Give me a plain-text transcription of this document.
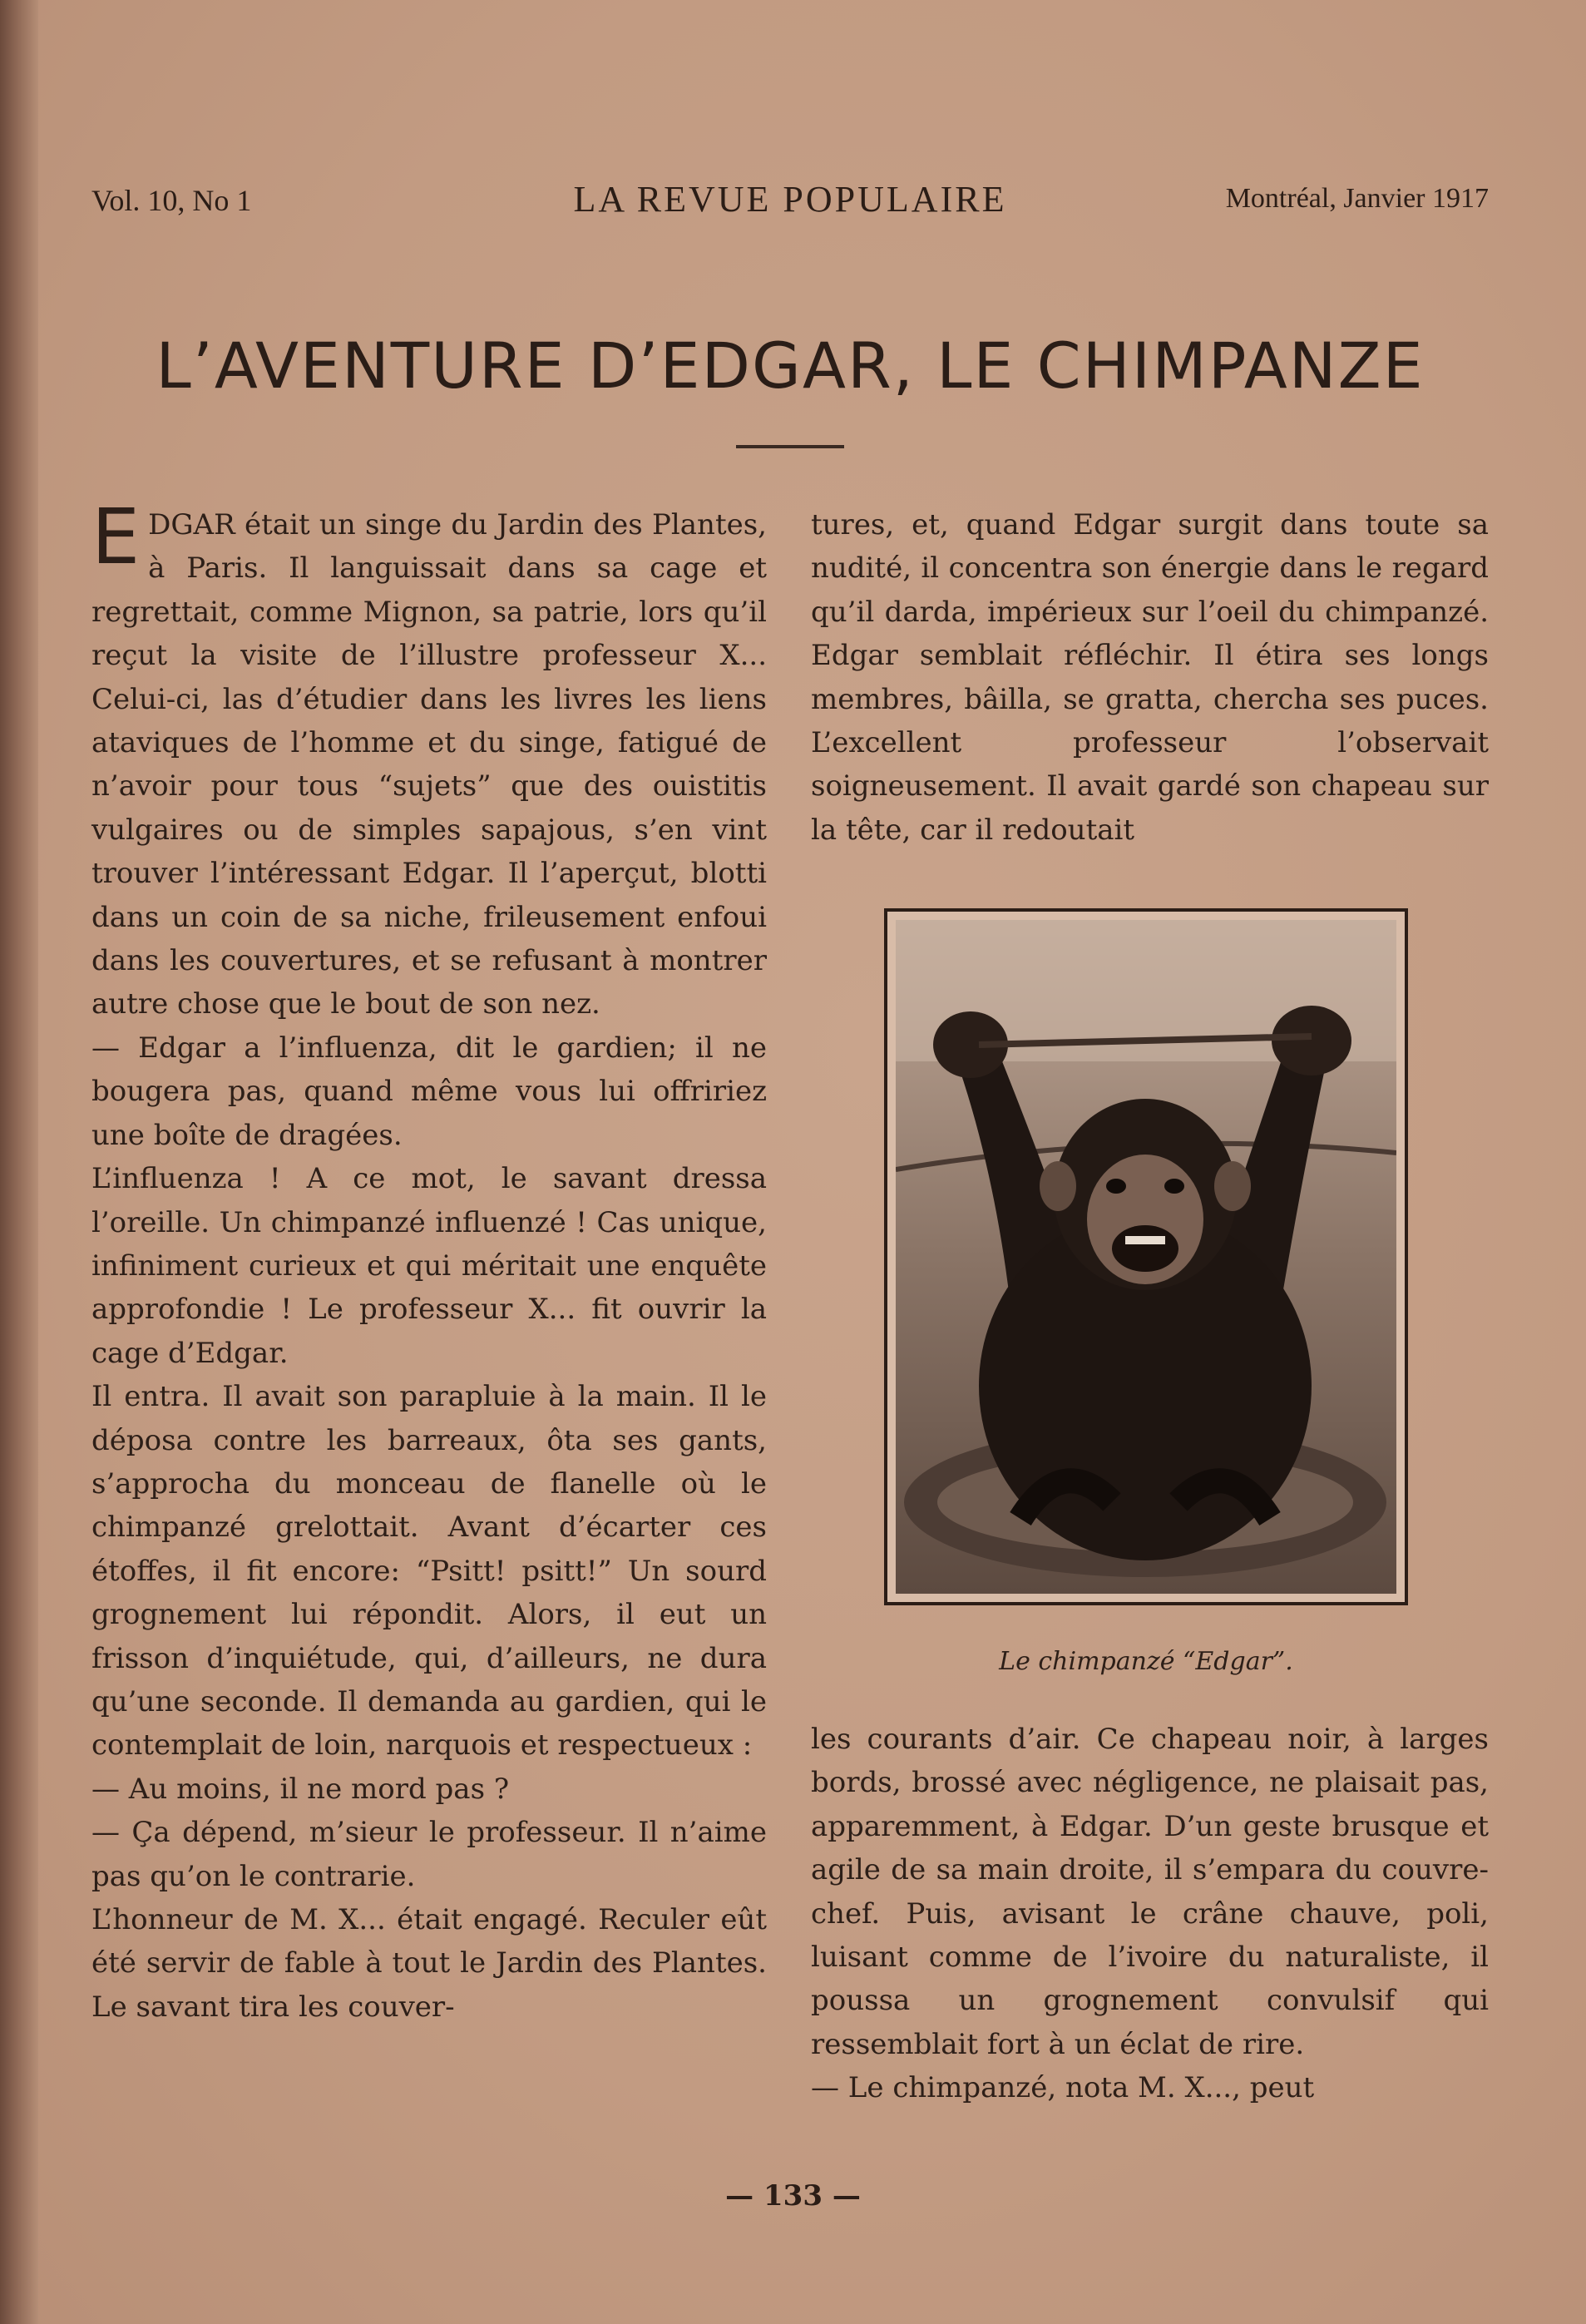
Vol. 10, No 1	LA REVUE POPULAIRE	Montréal, Janvier 1917
L’AVENTURE D’EDGAR, LE CHIMPANZE
EDGAR était un singe du Jardin des Plantes, à Paris. Il languissait dans sa cage et regrettait, comme Mignon, sa patrie, lors qu’il reçut la visite de l’illustre professeur X... Celui-ci, las d’étudier dans les livres les liens ataviques de l’homme et du singe, fatigué de n’avoir pour tous “sujets” que des ouistitis vulgaires ou de simples sapajous, s’en vint trouver l’intéressant Edgar. Il l’aperçut, blotti dans un coin de sa niche, frileusement enfoui dans les couvertures, et se refusant à montrer autre chose que le bout de son nez.
— Edgar a l’influenza, dit le gardien; il ne bougera pas, quand même vous lui offririez une boîte de dragées.
L’influenza ! A ce mot, le savant dressa l’oreille. Un chimpanzé influenzé ! Cas unique, infiniment curieux et qui méritait une enquête approfondie ! Le professeur X... fit ouvrir la cage d’Edgar.
Il entra. Il avait son parapluie à la main. Il le déposa contre les barreaux, ôta ses gants, s’approcha du monceau de flanelle où le chimpanzé grelottait. Avant d’écarter ces étoffes, il fit encore: “Psitt! psitt!” Un sourd grognement lui répondit. Alors, il eut un frisson d’inquiétude, qui, d’ailleurs, ne dura qu’une seconde. Il demanda au gardien, qui le contemplait de loin, narquois et respectueux :
— Au moins, il ne mord pas ?
— Ça dépend, m’sieur le professeur. Il n’aime pas qu’on le contrarie.
L’honneur de M. X... était engagé. Reculer eût été servir de fable à tout le Jardin des Plantes. Le savant tira les couver-
tures, et, quand Edgar surgit dans toute sa nudité, il concentra son énergie dans le regard qu’il darda, impérieux sur l’oeil du chimpanzé. Edgar semblait réfléchir. Il étira ses longs membres, bâilla, se gratta, chercha ses puces. L’excellent professeur l’observait soigneusement. Il avait gardé son chapeau sur la tête, car il redoutait
Le chimpanzé “Edgar”.
les courants d’air. Ce chapeau noir, à larges bords, brossé avec négligence, ne plaisait pas, apparemment, à Edgar. D’un geste brusque et agile de sa main droite, il s’empara du couvre-chef. Puis, avisant le crâne chauve, poli, luisant comme de l’ivoire du naturaliste, il poussa un grognement convulsif qui ressemblait fort à un éclat de rire.
— Le chimpanzé, nota M. X..., peut
— 133 —
